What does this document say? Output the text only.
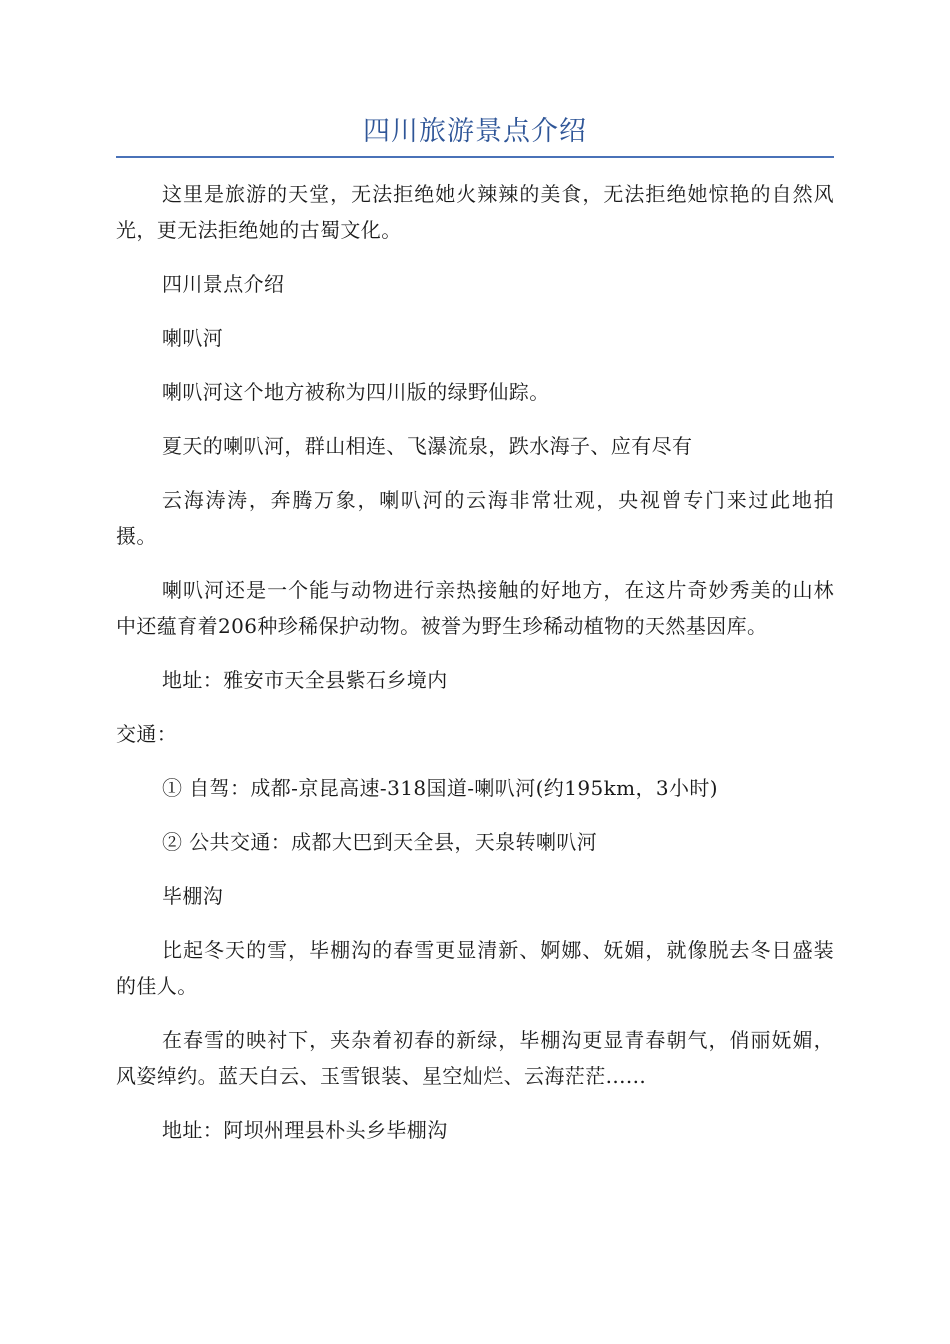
四川旅游景点介绍

这里是旅游的天堂，无法拒绝她火辣辣的美食，无法拒绝她惊艳的自然风光，更无法拒绝她的古蜀文化。

四川景点介绍

喇叭河

喇叭河这个地方被称为四川版的绿野仙踪。

夏天的喇叭河，群山相连、飞瀑流泉，跌水海子、应有尽有

云海涛涛，奔腾万象，喇叭河的云海非常壮观，央视曾专门来过此地拍摄。

喇叭河还是一个能与动物进行亲热接触的好地方，在这片奇妙秀美的山林中还蕴育着206种珍稀保护动物。被誉为野生珍稀动植物的天然基因库。

地址：雅安市天全县紫石乡境内

交通：

① 自驾：成都-京昆高速-318国道-喇叭河(约195km，3小时)

② 公共交通：成都大巴到天全县，天泉转喇叭河

毕棚沟

比起冬天的雪，毕棚沟的春雪更显清新、婀娜、妩媚，就像脱去冬日盛装的佳人。

在春雪的映衬下，夹杂着初春的新绿，毕棚沟更显青春朝气，俏丽妩媚，风姿绰约。蓝天白云、玉雪银装、星空灿烂、云海茫茫......

地址：阿坝州理县朴头乡毕棚沟
